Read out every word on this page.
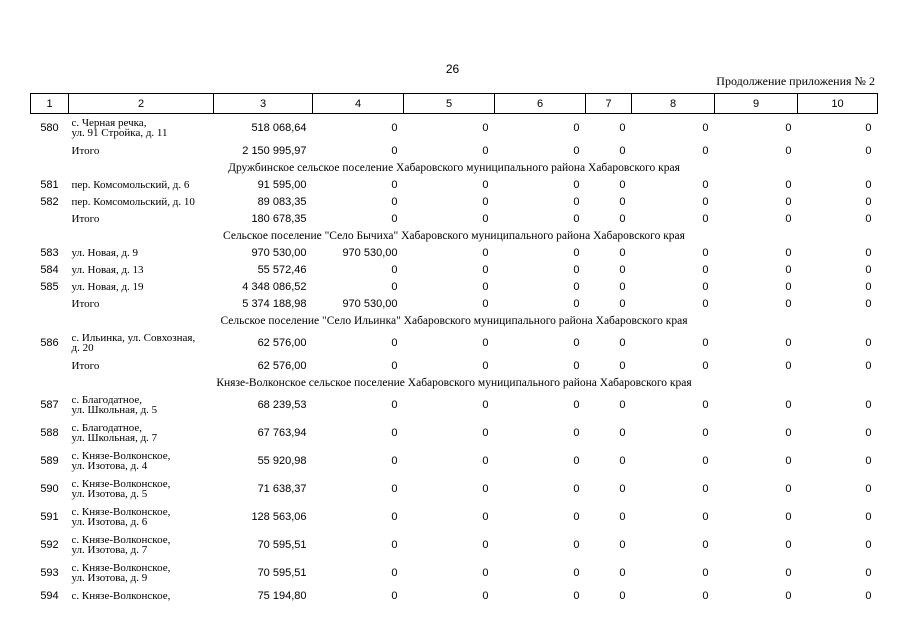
26
Продолжение приложения № 2
1	2	3	4	5	6	7	8	9	10
580	с. Черная речка,
ул. 91 Стройка, д. 11	518 068,64	0	0	0	0	0	0	0

	Итого	2 150 995,97	0	0	0	0	0	0	0
Дружбинское сельское поселение Хабаровского муниципального района Хабаровского края									
581	пер. Комсомольский, д. 6	91 595,00	0	0	0	0	0	0	0
582	пер. Комсомольский, д. 10	89 083,35	0	0	0	0	0	0	0

	Итого	180 678,35	0	0	0	0	0	0	0
Сельское поселение "Село Бычиха" Хабаровского муниципального района Хабаровского края									
583	ул. Новая, д. 9	970 530,00	970 530,00	0	0	0	0	0	0
584	ул. Новая, д. 13	55 572,46	0	0	0	0	0	0	0
585	ул. Новая, д. 19	4 348 086,52	0	0	0	0	0	0	0

	Итого	5 374 188,98	970 530,00	0	0	0	0	0	0
Сельское поселение "Село Ильинка" Хабаровского муниципального района Хабаровского края									
586	с. Ильинка, ул. Совхозная,
д. 20	62 576,00	0	0	0	0	0	0	0

	Итого	62 576,00	0	0	0	0	0	0	0
Князе-Волконское сельское поселение Хабаровского муниципального района Хабаровского края									
587	с. Благодатное,
ул. Школьная, д. 5	68 239,53	0	0	0	0	0	0	0
588	с. Благодатное,
ул. Школьная, д. 7	67 763,94	0	0	0	0	0	0	0
589	с. Князе-Волконское,
ул. Изотова, д. 4	55 920,98	0	0	0	0	0	0	0
590	с. Князе-Волконское,
ул. Изотова, д. 5	71 638,37	0	0	0	0	0	0	0
591	с. Князе-Волконское,
ул. Изотова, д. 6	128 563,06	0	0	0	0	0	0	0
592	с. Князе-Волконское,
ул. Изотова, д. 7	70 595,51	0	0	0	0	0	0	0
593	с. Князе-Волконское,
ул. Изотова, д. 9	70 595,51	0	0	0	0	0	0	0
594	с. Князе-Волконское,	75 194,80	0	0	0	0	0	0	0
